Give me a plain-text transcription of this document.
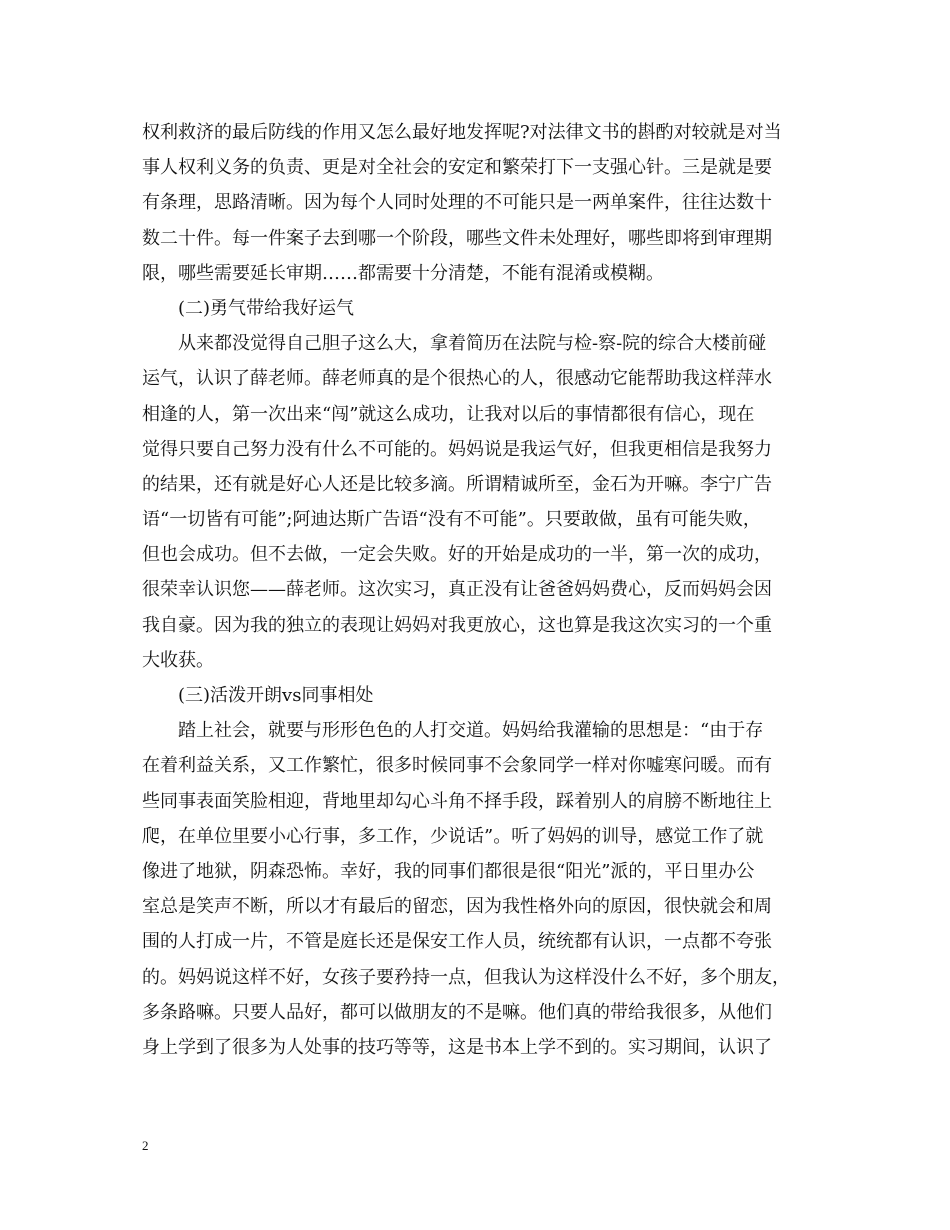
权利救济的最后防线的作用又怎么最好地发挥呢?对法律文书的斟酌对较就是对当
事人权利义务的负责、更是对全社会的安定和繁荣打下一支强心针。三是就是要
有条理，思路清晰。因为每个人同时处理的不可能只是一两单案件，往往达数十
数二十件。每一件案子去到哪一个阶段，哪些文件未处理好，哪些即将到审理期
限，哪些需要延长审期……都需要十分清楚，不能有混淆或模糊。
(二)勇气带给我好运气
从来都没觉得自己胆子这么大，拿着简历在法院与检-察-院的综合大楼前碰
运气，认识了薛老师。薛老师真的是个很热心的人，很感动它能帮助我这样萍水
相逢的人，第一次出来“闯”就这么成功，让我对以后的事情都很有信心，现在
觉得只要自己努力没有什么不可能的。妈妈说是我运气好，但我更相信是我努力
的结果，还有就是好心人还是比较多滴。所谓精诚所至，金石为开嘛。李宁广告
语“一切皆有可能”;阿迪达斯广告语“没有不可能”。只要敢做，虽有可能失败，
但也会成功。但不去做，一定会失败。好的开始是成功的一半，第一次的成功，
很荣幸认识您——薛老师。这次实习，真正没有让爸爸妈妈费心，反而妈妈会因
我自豪。因为我的独立的表现让妈妈对我更放心，这也算是我这次实习的一个重
大收获。
(三)活泼开朗vs同事相处
踏上社会，就要与形形色色的人打交道。妈妈给我灌输的思想是：“由于存
在着利益关系，又工作繁忙，很多时候同事不会象同学一样对你嘘寒问暖。而有
些同事表面笑脸相迎，背地里却勾心斗角不择手段，踩着别人的肩膀不断地往上
爬，在单位里要小心行事，多工作，少说话”。听了妈妈的训导，感觉工作了就
像进了地狱，阴森恐怖。幸好，我的同事们都很是很“阳光”派的，平日里办公
室总是笑声不断，所以才有最后的留恋，因为我性格外向的原因，很快就会和周
围的人打成一片，不管是庭长还是保安工作人员，统统都有认识，一点都不夸张
的。妈妈说这样不好，女孩子要矜持一点，但我认为这样没什么不好，多个朋友，
多条路嘛。只要人品好，都可以做朋友的不是嘛。他们真的带给我很多，从他们
身上学到了很多为人处事的技巧等等，这是书本上学不到的。实习期间，认识了
2
